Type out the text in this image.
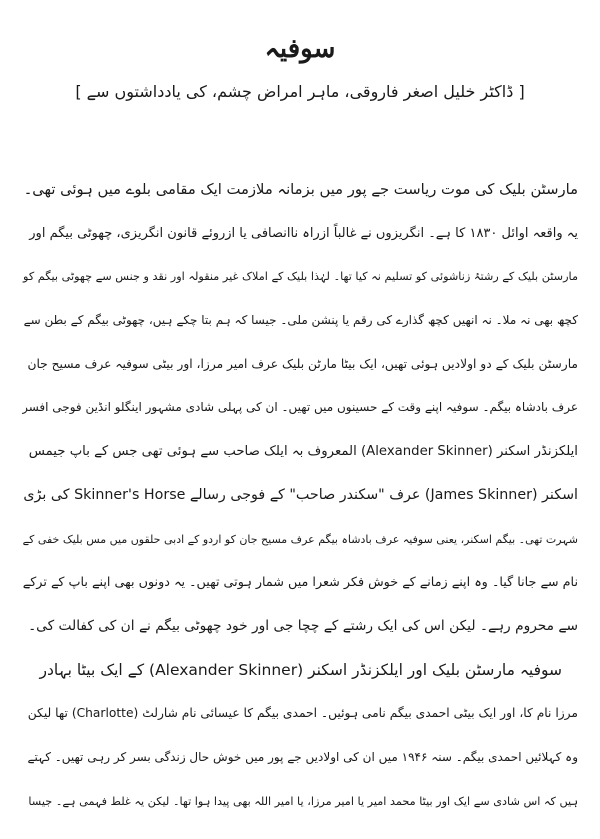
سوفیہ
[ ڈاکٹر خلیل اصغر فاروقی، ماہر امراض چشم، کی یادداشتوں سے ]
مارسٹن بلیک کی موت ریاست جے پور میں بزمانہ ملازمت ایک مقامی بلوے میں ہوئی تھی۔
یہ واقعہ اوائل ۱۸۳۰ کا ہے۔ انگریزوں نے غالباً ازراہ ناانصافی یا ازروئے قانون انگریزی، چھوٹی بیگم اور
مارسٹن بلیک کے رشتۂ زناشوئی کو تسلیم نہ کیا تھا۔ لہٰذا بلیک کے املاک غیر منقولہ اور نقد و جنس سے چھوٹی بیگم کو
کچھ بھی نہ ملا۔ نہ انھیں کچھ گذارے کی رقم یا پنشن ملی۔ جیسا کہ ہم بتا چکے ہیں، چھوٹی بیگم کے بطن سے
مارسٹن بلیک کے دو اولادیں ہوئی تھیں، ایک بیٹا مارٹن بلیک عرف امیر مرزا، اور بیٹی سوفیہ عرف مسیح جان
عرف بادشاہ بیگم۔ سوفیہ اپنے وقت کے حسینوں میں تھیں۔ ان کی پہلی شادی مشہور اینگلو انڈین فوجی افسر
ایلکزنڈر اسکنر (Alexander Skinner) المعروف بہ ایلک صاحب سے ہوئی تھی جس کے باپ جیمس
اسکنر (James Skinner) عرف "سکندر صاحب" کے فوجی رسالے Skinner's Horse کی بڑی
شہرت تھی۔ بیگم اسکنر، یعنی سوفیہ عرف بادشاہ بیگم عرف مسیح جان کو اردو کے ادبی حلقوں میں مس بلیک خفی کے
نام سے جانا گیا۔ وہ اپنے زمانے کے خوش فکر شعرا میں شمار ہوتی تھیں۔ یہ دونوں بھی اپنے باپ کے ترکے
سے محروم رہے۔ لیکن اس کی ایک رشتے کے چچا جی اور خود چھوٹی بیگم نے ان کی کفالت کی۔
سوفیہ مارسٹن بلیک اور ایلکزنڈر اسکنر (Alexander Skinner) کے ایک بیٹا بہادر
مرزا نام کا، اور ایک بیٹی احمدی بیگم نامی ہوئیں۔ احمدی بیگم کا عیسائی نام شارلٹ (Charlotte) تھا لیکن
وہ کہلائیں احمدی بیگم۔ سنہ ۱۹۴۶ میں ان کی اولادیں جے پور میں خوش حال زندگی بسر کر رہی تھیں۔ کہتے
ہیں کہ اس شادی سے ایک اور بیٹا محمد امیر یا امیر مرزا، یا امیر اللہ بھی پیدا ہوا تھا۔ لیکن یہ غلط فہمی ہے۔ جیسا
